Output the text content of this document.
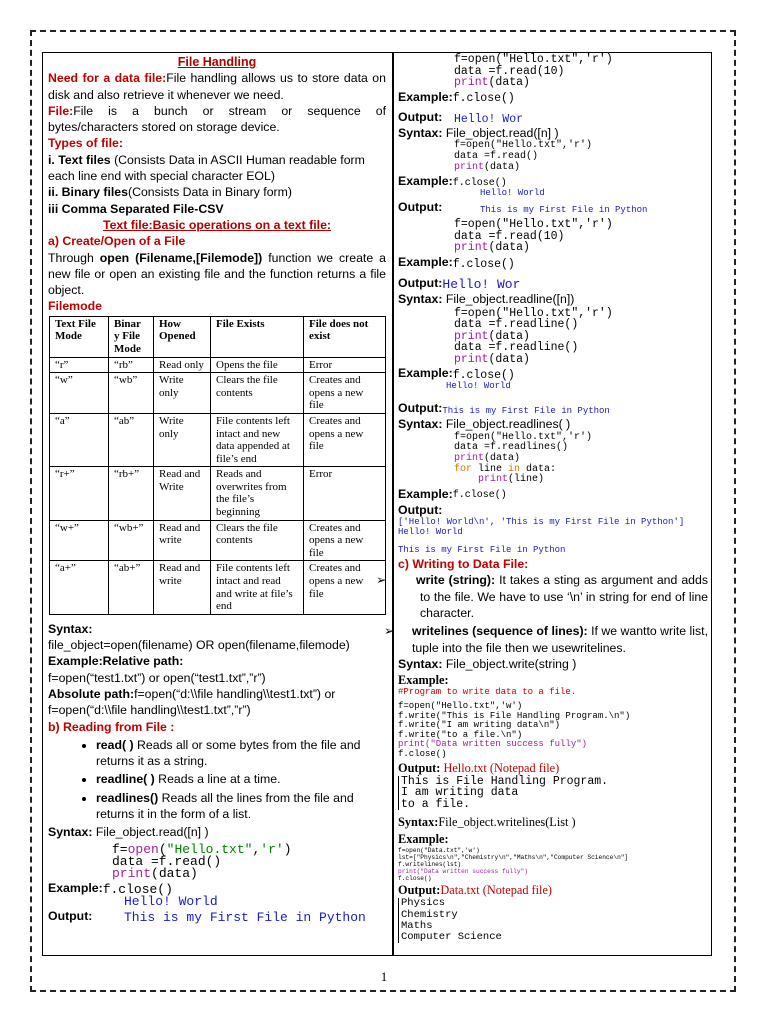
File Handling

Need for a data file:File handling allows us to store data on disk and also retrieve it whenever we need.

File:File is a bunch or stream or sequence of bytes/characters stored on storage device.

Types of file:

i. Text files (Consists Data in ASCII Human readable form each line end with special character EOL)

ii. Binary files(Consists Data in Binary form)

iii Comma Separated File-CSV

Text file:Basic operations on a text file:

a) Create/Open of a File

Through open (Filename,[Filemode]) function we create a new file or open an existing file and the function returns a file object.

Filemode

Text File Mode	Binar y File Mode	How Opened	File Exists	File does not exist
“r”	“rb”	Read only	Opens the file	Error
“w”	“wb”	Write only	Clears the file contents	Creates and opens a new file
“a”	“ab”	Write only	File contents left intact and new data appended at file’s end	Creates and opens a new file
“r+”	“rb+”	Read and Write	Reads and overwrites from the file’s beginning	Error
“w+”	“wb+”	Read and write	Clears the file contents	Creates and opens a new file
“a+”	“ab+”	Read and write	File contents left intact and read and write at file’s end	Creates and opens a new file

Syntax:

file_object=open(filename) OR open(filename,filemode)

Example:Relative path:

f=open(“test1.txt”) or open(“test1.txt”,”r”)

Absolute path:f=open(“d:\\file handling\\test1.txt”) or f=open(“d:\\file handling\\test1.txt”,”r”)

b) Reading from File :

• read( ) Reads all or some bytes from the file and returns it as a string.
• readline( ) Reads a line at a time.
• readlines() Reads all the lines from the file and returns it in the form of a list.

Syntax: File_object.read([n] )

f=open("Hello.txt",'r')
data =f.read()
print(data)
Example: f.close()
Hello! World
Output:	This is my First File in Python
f=open("Hello.txt",'r')
data =f.read(10)
print(data)
Example: f.close()
Output:	Hello! Wor

Syntax: File_object.read([n] )

f=open("Hello.txt",'r')
data =f.read()
print(data)
Example: f.close()
Hello! World
Output:	This is my First File in Python
f=open("Hello.txt",'r')
data =f.read(10)
print(data)
Example: f.close()
Output: Hello! Wor

Syntax: File_object.readline([n])

f=open("Hello.txt",'r')
data =f.readline()
print(data)
data =f.readline()
print(data)
Example: f.close()
Hello! World
Output: This is my First File in Python

Syntax: File_object.readlines( )

f=open("Hello.txt",'r')
data =f.readlines()
print(data)
for line in data:
print(line)
Example: f.close()

Output:

['Hello! World\n', 'This is my First File in Python']
Hello! World
This is my First File in Python

c) Writing to Data File:

➢ write (string): It takes a sting as argument and adds to the file. We have to use ‘\n’ in string for end of line character.

➢ writelines (sequence of lines): If we wantto write list, tuple into the file then we usewritelines.

Syntax: File_object.write(string )

Example:

#Program to write data to a file.
f=open("Hello.txt",'w')
f.write("This is File Handling Program.\n")
f.write("I am writing data\n")
f.write("to a file.\n")
print("Data written success fully")
f.close()

Output: Hello.txt (Notepad file)

This is File Handling Program.
I am writing data
to a file.

Syntax:File_object.writelines(List )

Example:

f=open("Data.txt",'w')
lst=["Physics\n","Chemistry\n","Maths\n","Computer Science\n"]
f.writelines(lst)
print("Data written success fully")
f.close()

Output:Data.txt (Notepad file)

Physics
Chemistry
Maths
Computer Science
1
